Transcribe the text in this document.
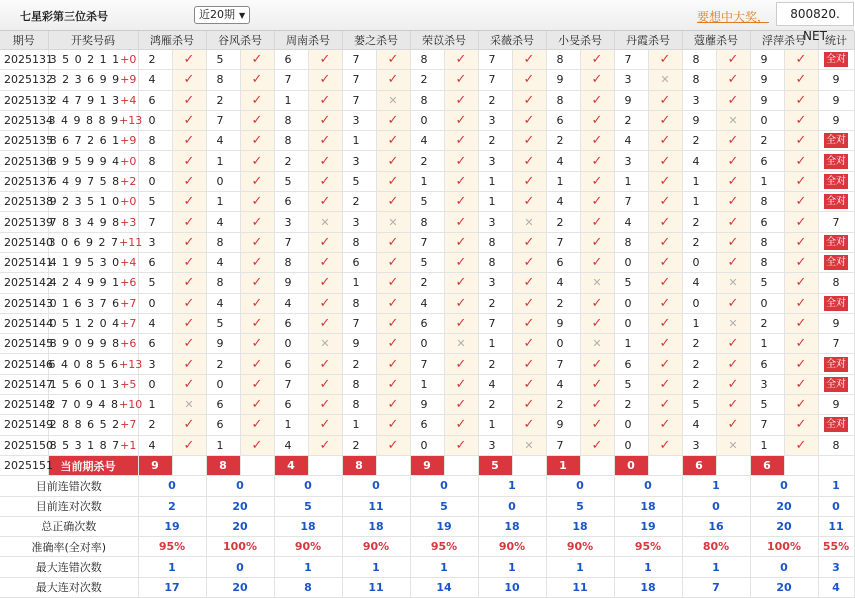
七星彩第三位杀号	近20期 ▼	要想中大奖，	800820. NET
期号	开奖号码	鸿雁杀号		谷风杀号		周南杀号		蒌之杀号		荣苡杀号		采薇杀号		小旻杀号		丹霞杀号		蔻蘼杀号		浮萍杀号		统计
2025131	3 5 0 2 1 1+0	2	✓	5	✓	6	✓	7	✓	8	✓	7	✓	8	✓	7	✓	8	✓	9	✓	全对
2025132	3 2 3 6 9 9+9	4	✓	8	✓	7	✓	7	✓	2	✓	7	✓	9	✓	3	✕	8	✓	9	✓	9
2025133	2 4 7 9 1 3+4	6	✓	2	✓	1	✓	7	✕	8	✓	2	✓	8	✓	9	✓	3	✓	9	✓	9
2025134	3 4 9 8 8 9+13	0	✓	7	✓	8	✓	3	✓	0	✓	3	✓	6	✓	2	✓	9	✕	0	✓	9
2025135	8 6 7 2 6 1+9	8	✓	4	✓	8	✓	1	✓	4	✓	2	✓	2	✓	4	✓	2	✓	2	✓	全对
2025136	8 9 5 9 9 4+0	8	✓	1	✓	2	✓	3	✓	2	✓	3	✓	4	✓	3	✓	4	✓	6	✓	全对
2025137	6 4 9 7 5 8+2	0	✓	0	✓	5	✓	5	✓	1	✓	1	✓	1	✓	1	✓	1	✓	1	✓	全对
2025138	9 2 3 5 1 0+0	5	✓	1	✓	6	✓	2	✓	5	✓	1	✓	4	✓	7	✓	1	✓	8	✓	全对
2025139	7 8 3 4 9 8+3	7	✓	4	✓	3	✕	3	✕	8	✓	3	✕	2	✓	4	✓	2	✓	6	✓	7
2025140	3 0 6 9 2 7+11	3	✓	8	✓	7	✓	8	✓	7	✓	8	✓	7	✓	8	✓	2	✓	8	✓	全对
2025141	4 1 9 5 3 0+4	6	✓	4	✓	8	✓	6	✓	5	✓	8	✓	6	✓	0	✓	0	✓	8	✓	全对
2025142	4 2 4 9 9 1+6	5	✓	8	✓	9	✓	1	✓	2	✓	3	✓	4	✕	5	✓	4	✕	5	✓	8
2025143	0 1 6 3 7 6+7	0	✓	4	✓	4	✓	8	✓	4	✓	2	✓	2	✓	0	✓	0	✓	0	✓	全对
2025144	0 5 1 2 0 4+7	4	✓	5	✓	6	✓	7	✓	6	✓	7	✓	9	✓	0	✓	1	✕	2	✓	9
2025145	8 9 0 9 9 8+6	6	✓	9	✓	0	✕	9	✓	0	✕	1	✓	0	✕	1	✓	2	✓	1	✓	7
2025146	6 4 0 8 5 6+13	3	✓	2	✓	6	✓	2	✓	7	✓	2	✓	7	✓	6	✓	2	✓	6	✓	全对
2025147	1 5 6 0 1 3+5	0	✓	0	✓	7	✓	8	✓	1	✓	4	✓	4	✓	5	✓	2	✓	3	✓	全对
2025148	2 7 0 9 4 8+10	1	✕	6	✓	6	✓	8	✓	9	✓	2	✓	2	✓	2	✓	5	✓	5	✓	9
2025149	2 8 8 6 5 2+7	2	✓	6	✓	1	✓	1	✓	6	✓	1	✓	9	✓	0	✓	4	✓	7	✓	全对
2025150	8 5 3 1 8 7+1	4	✓	1	✓	4	✓	2	✓	0	✓	3	✕	7	✓	0	✓	3	✕	1	✓	8
2025151	当前期杀号	9		8		4		8		9		5		1		0		6		6		
目前连错次数		0		0		0		0		0		1		0		0		1		0		1
目前连对次数		2		20		5		11		5		0		5		18		0		20		0
总正确次数		19		20		18		18		19		18		18		19		16		20		11
准确率(全对率)		95%		100%		90%		90%		95%		90%		90%		95%		80%		100%		55%
最大连错次数		1		0		1		1		1		1		1		1		1		0		3
最大连对次数		17		20		8		11		14		10		11		18		7		20		4
